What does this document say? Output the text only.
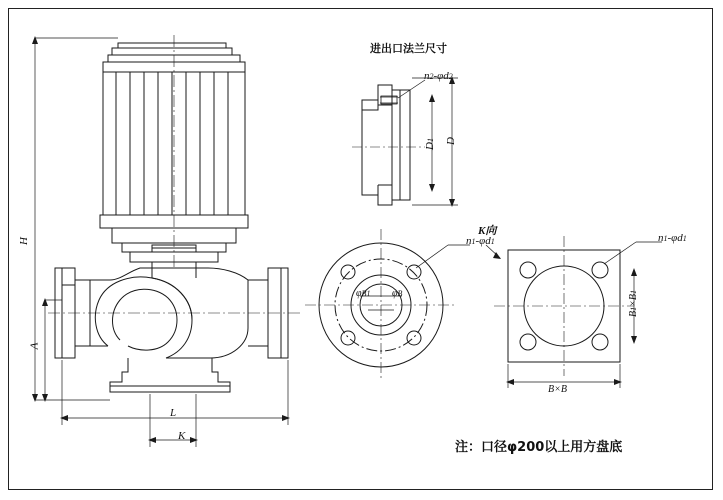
进出口法兰尺寸
注：口径φ200以上用方盘底
K向
H
A
L
K
D
D1
n2-φd2
n1-φd1
φB1 φB
n1-φd1
B1×B1
B×B
